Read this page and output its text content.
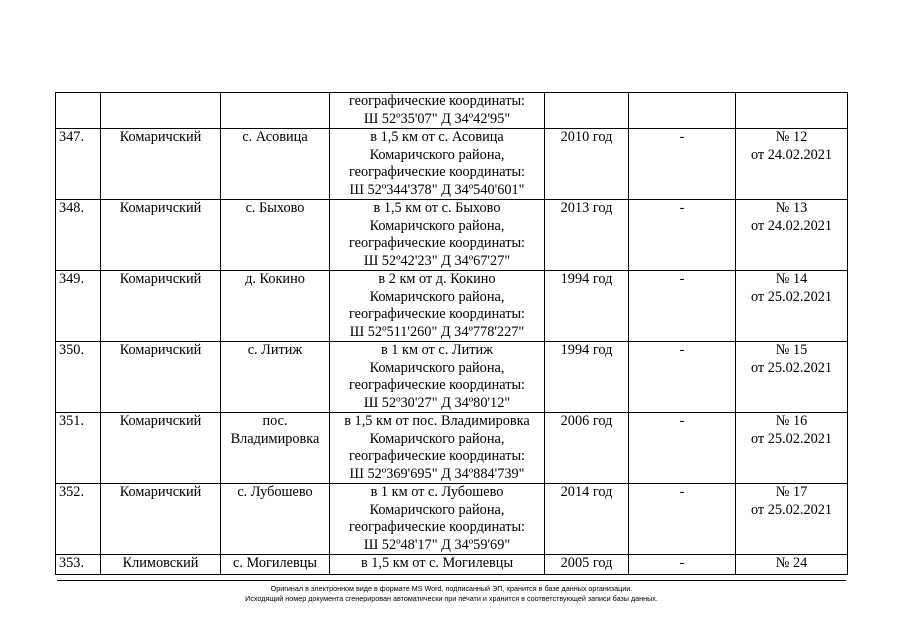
			географические координаты:
Ш 52º35'07" Д 34º42'95"			

347.	Комаричский	с. Асовица	в 1,5 км от с. Асовица
Комаричского района,
географические координаты:
Ш 52º344'378" Д 34º540'601"	2010 год	-	№ 12
от 24.02.2021

348.	Комаричский	с. Быхово	в 1,5 км от с. Быхово
Комаричского района,
географические координаты:
Ш 52º42'23" Д 34º67'27"	2013 год	-	№ 13
от 24.02.2021

349.	Комаричский	д. Кокино	в 2 км от д. Кокино
Комаричского района,
географические координаты:
Ш 52º511'260" Д 34º778'227"	1994 год	-	№ 14
от 25.02.2021

350.	Комаричский	с. Литиж	в 1 км от с. Литиж
Комаричского района,
географические координаты:
Ш 52º30'27" Д 34º80'12"	1994 год	-	№ 15
от 25.02.2021

351.	Комаричский	пос.
Владимировка	в 1,5 км от пос. Владимировка
Комаричского района,
географические координаты:
Ш 52º369'695" Д 34º884'739"	2006 год	-	№ 16
от 25.02.2021

352.	Комаричский	с. Лубошево	в 1 км от с. Лубошево
Комаричского района,
географические координаты:
Ш 52º48'17" Д 34º59'69"	2014 год	-	№ 17
от 25.02.2021

353.	Климовский	с. Могилевцы	в 1,5 км от с. Могилевцы	2005 год	-	№ 24
Оригинал в электронном виде в формате MS Word, подписанный ЭП, хранится в базе данных организации.
Исходящий номер документа сгенерирован автоматически при печати и хранится в соответствующей записи базы данных.
